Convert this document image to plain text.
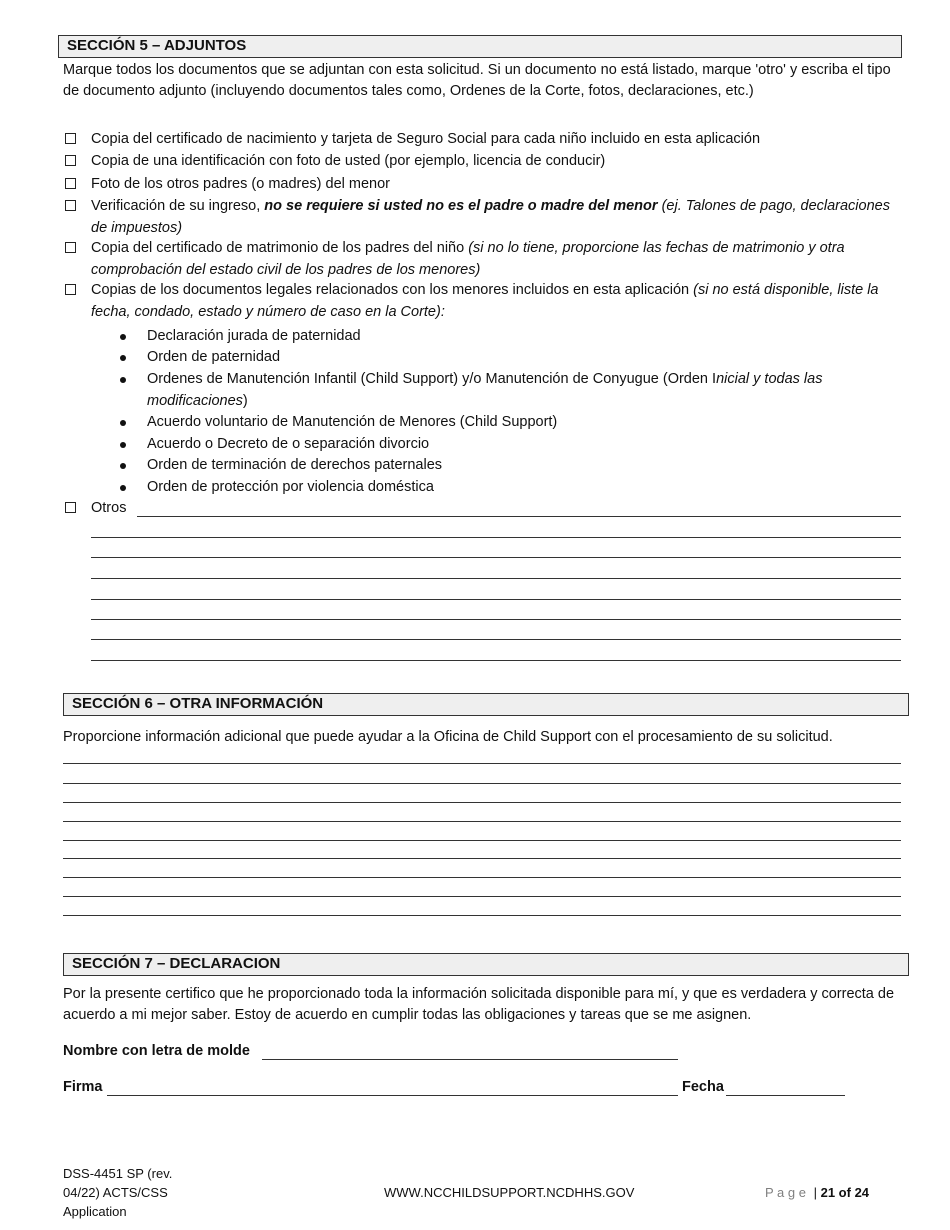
SECCIÓN 5 – ADJUNTOS
Marque todos los documentos que se adjuntan con esta solicitud. Si un documento no está listado, marque 'otro' y escriba el tipo de documento adjunto (incluyendo documentos tales como, Ordenes de la Corte, fotos, declaraciones, etc.)
Copia del certificado de nacimiento y tarjeta de Seguro Social para cada niño incluido en esta aplicación
Copia de una identificación con foto de usted (por ejemplo, licencia de conducir)
Foto de los otros padres (o madres) del menor
Verificación de su ingreso, no se requiere si usted no es el padre o madre del menor (ej. Talones de pago, declaraciones de impuestos)
Copia del certificado de matrimonio de los padres del niño (si no lo tiene, proporcione las fechas de matrimonio y otra comprobación del estado civil de los padres de los menores)
Copias de los documentos legales relacionados con los menores incluidos en esta aplicación (si no está disponible, liste la fecha, condado, estado y número de caso en la Corte):
Declaración jurada de paternidad
Orden de paternidad
Ordenes de Manutención Infantil (Child Support) y/o Manutención de Conyugue (Orden Inicial y todas las modificaciones)
Acuerdo voluntario de Manutención de Menores (Child Support)
Acuerdo o Decreto de o separación divorcio
Orden de terminación de derechos paternales
Orden de protección por violencia doméstica
Otros
SECCIÓN 6 – OTRA INFORMACIÓN
Proporcione información adicional que puede ayudar a la Oficina de Child Support con el procesamiento de su solicitud.
SECCIÓN 7 – DECLARACION
Por la presente certifico que he proporcionado toda la información solicitada disponible para mí, y que es verdadera y correcta de acuerdo a mi mejor saber. Estoy de acuerdo en cumplir todas las obligaciones y tareas que se me asignen.
Nombre con letra de molde
Firma	Fecha
DSS-4451 SP (rev. 04/22) ACTS/CSS Application
WWW.NCCHILDSUPPORT.NCDHHS.GOV	P a g e | 21 of 24
